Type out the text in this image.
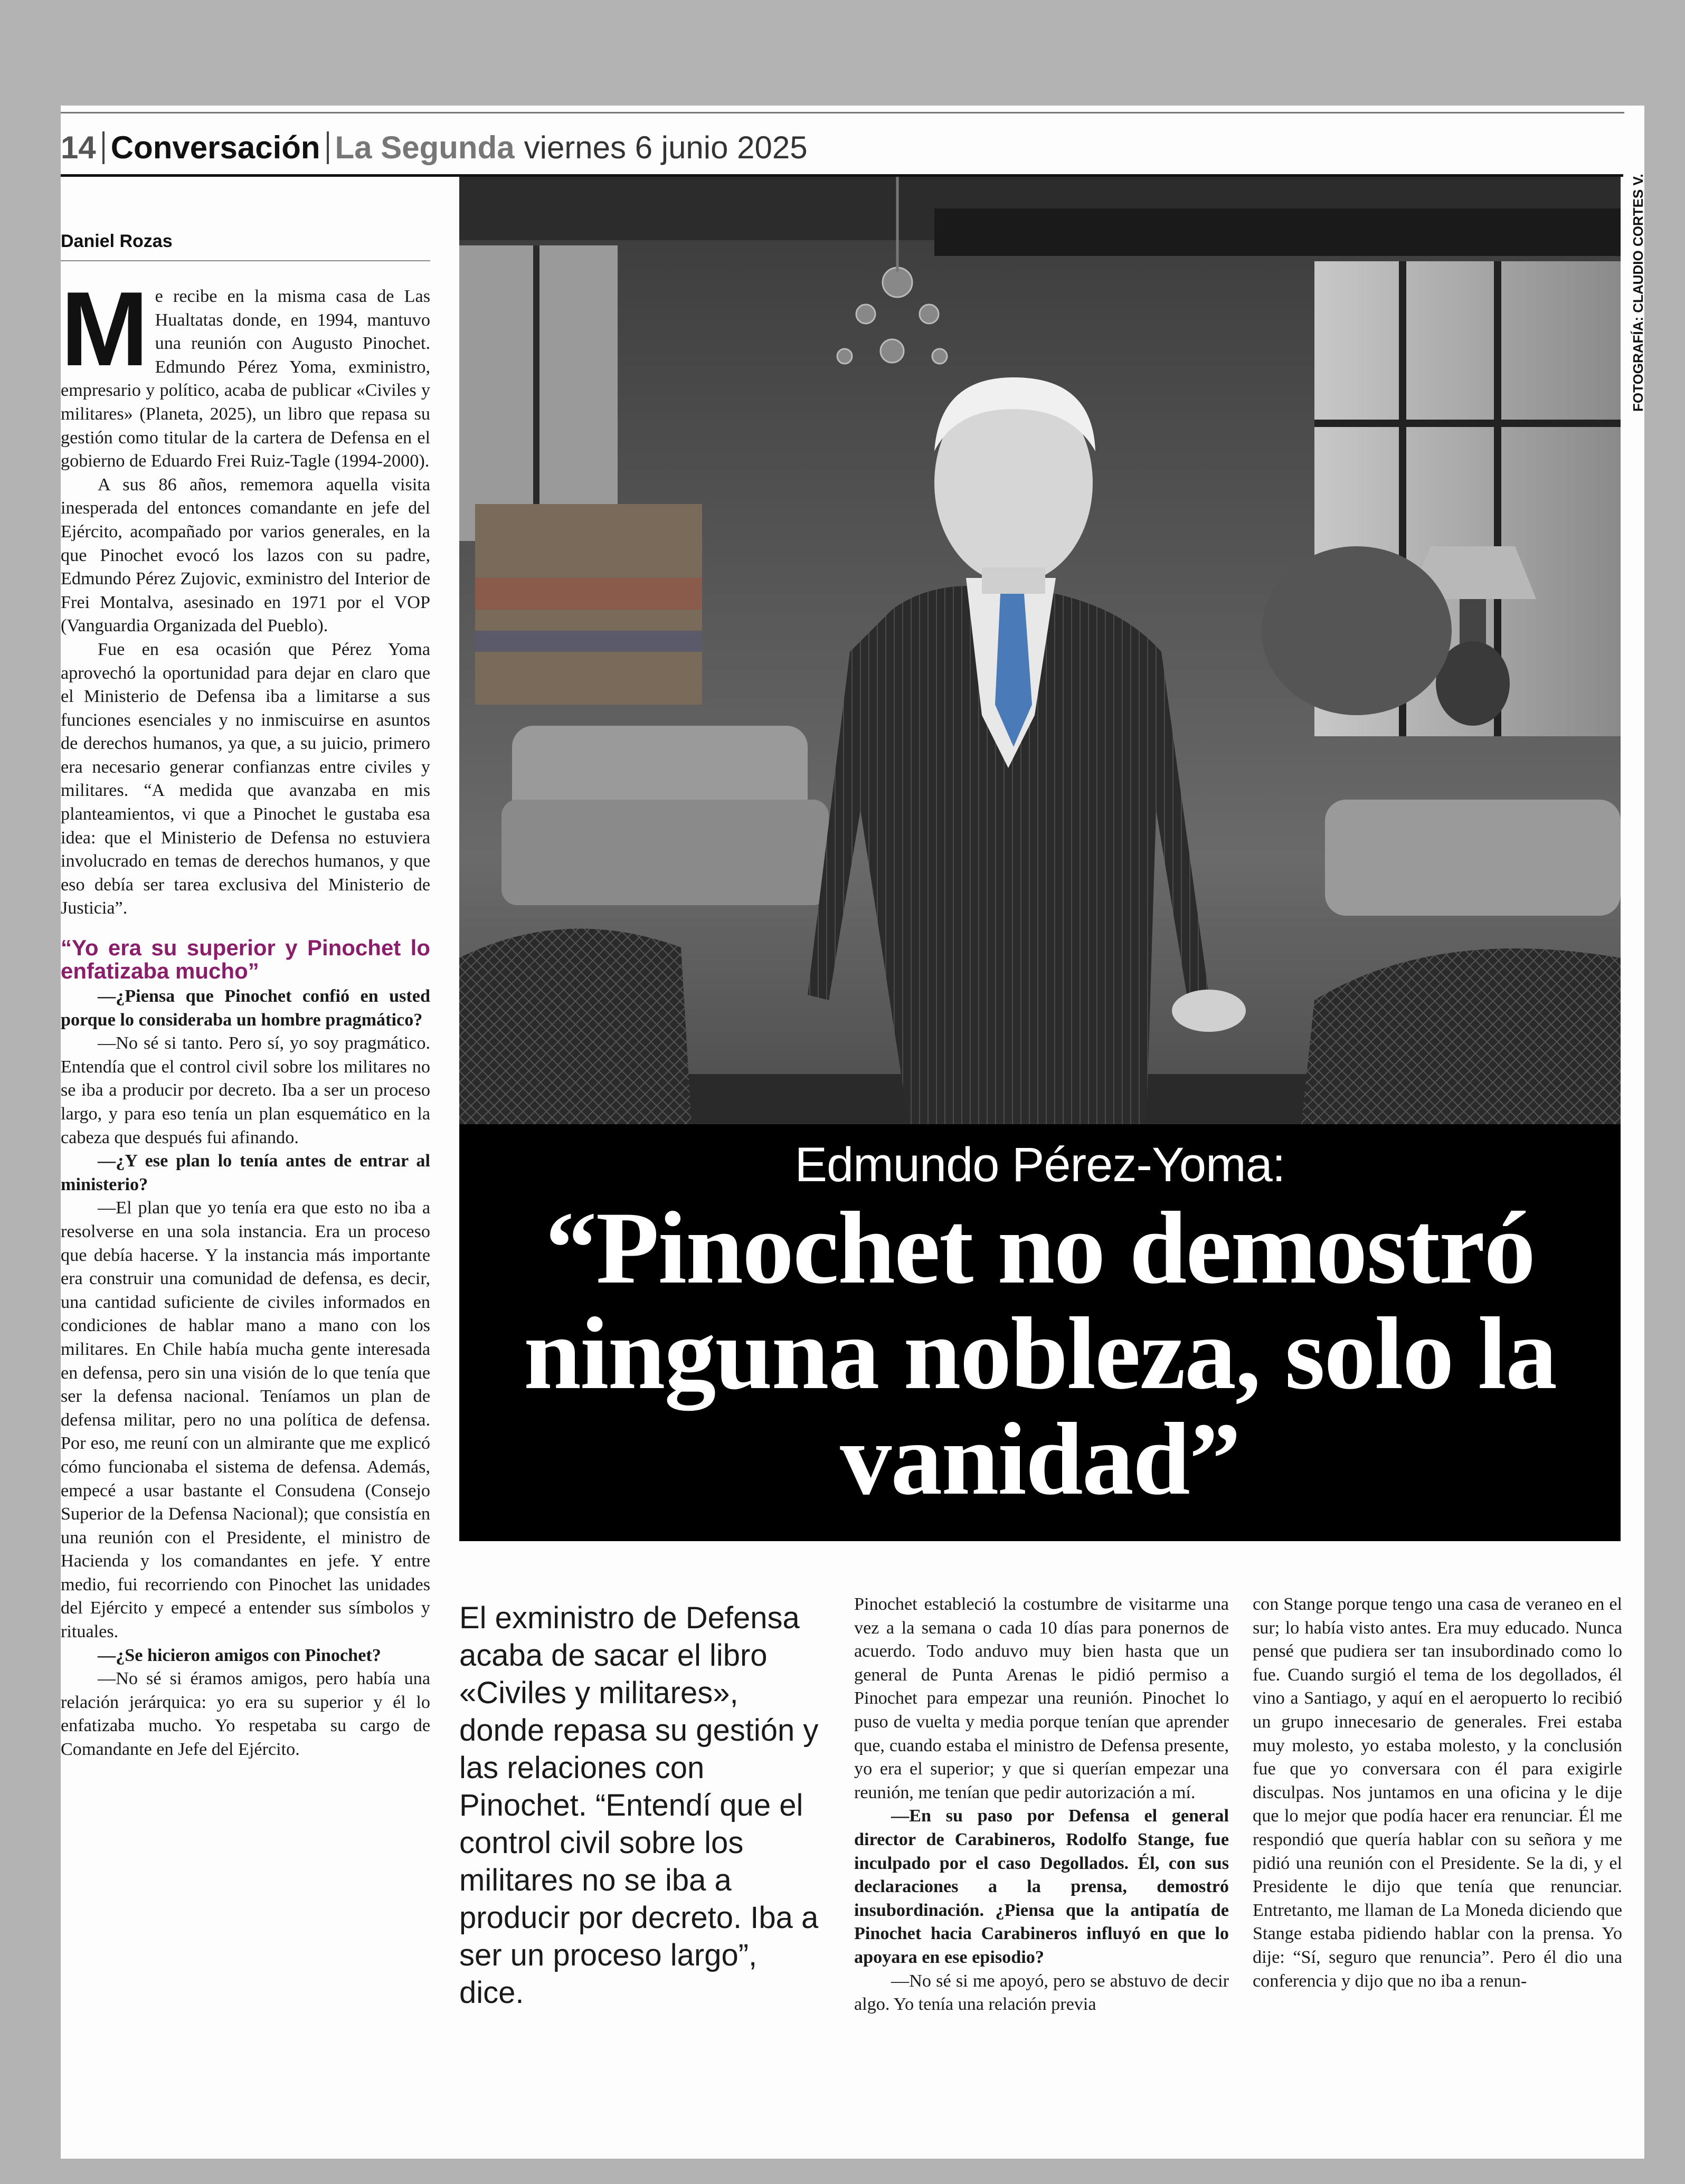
14 Conversación La Segunda viernes 6 junio 2025
Daniel Rozas

Me recibe en la misma casa de Las Hualtatas donde, en 1994, mantuvo una reunión con Augusto Pinochet. Edmundo Pérez Yoma, exministro, empresario y político, acaba de publicar «Civiles y militares» (Planeta, 2025), un libro que repasa su gestión como titular de la cartera de Defensa en el gobierno de Eduardo Frei Ruiz-Tagle (1994-2000).

A sus 86 años, rememora aquella visita inesperada del entonces comandante en jefe del Ejército, acompañado por varios generales, en la que Pinochet evocó los lazos con su padre, Edmundo Pérez Zujovic, exministro del Interior de Frei Montalva, asesinado en 1971 por el VOP (Vanguardia Organizada del Pueblo).

Fue en esa ocasión que Pérez Yoma aprovechó la oportunidad para dejar en claro que el Ministerio de Defensa iba a limitarse a sus funciones esenciales y no inmiscuirse en asuntos de derechos humanos, ya que, a su juicio, primero era necesario generar confianzas entre civiles y militares. “A medida que avanzaba en mis planteamientos, vi que a Pinochet le gustaba esa idea: que el Ministerio de Defensa no estuviera involucrado en temas de derechos humanos, y que eso debía ser tarea exclusiva del Ministerio de Justicia”.

“Yo era su superior y Pinochet lo enfatizaba mucho”

—¿Piensa que Pinochet confió en usted porque lo consideraba un hombre pragmático?

—No sé si tanto. Pero sí, yo soy pragmático. Entendía que el control civil sobre los militares no se iba a producir por decreto. Iba a ser un proceso largo, y para eso tenía un plan esquemático en la cabeza que después fui afinando.

—¿Y ese plan lo tenía antes de entrar al ministerio?

—El plan que yo tenía era que esto no iba a resolverse en una sola instancia. Era un proceso que debía hacerse. Y la instancia más importante era construir una comunidad de defensa, es decir, una cantidad suficiente de civiles informados en condiciones de hablar mano a mano con los militares. En Chile había mucha gente interesada en defensa, pero sin una visión de lo que tenía que ser la defensa nacional. Teníamos un plan de defensa militar, pero no una política de defensa. Por eso, me reuní con un almirante que me explicó cómo funcionaba el sistema de defensa. Además, empecé a usar bastante el Consudena (Consejo Superior de la Defensa Nacional); que consistía en una reunión con el Presidente, el ministro de Hacienda y los comandantes en jefe. Y entre medio, fui recorriendo con Pinochet las unidades del Ejército y empecé a entender sus símbolos y rituales.

—¿Se hicieron amigos con Pinochet?

—No sé si éramos amigos, pero había una relación jerárquica: yo era su superior y él lo enfatizaba mucho. Yo respetaba su cargo de Comandante en Jefe del Ejército.

FOTOGRAFÍA: CLAUDIO CORTES V.
Edmundo Pérez-Yoma:
“Pinochet no demostró ninguna nobleza, solo la vanidad”
El exministro de Defensa acaba de sacar el libro «Civiles y militares», donde repasa su gestión y las relaciones con Pinochet. “Entendí que el control civil sobre los militares no se iba a producir por decreto. Iba a ser un proceso largo”, dice.

Pinochet estableció la costumbre de visitarme una vez a la semana o cada 10 días para ponernos de acuerdo. Todo anduvo muy bien hasta que un general de Punta Arenas le pidió permiso a Pinochet para empezar una reunión. Pinochet lo puso de vuelta y media porque tenían que aprender que, cuando estaba el ministro de Defensa presente, yo era el superior; y que si querían empezar una reunión, me tenían que pedir autorización a mí.

—En su paso por Defensa el general director de Carabineros, Rodolfo Stange, fue inculpado por el caso Degollados. Él, con sus declaraciones a la prensa, demostró insubordinación. ¿Piensa que la antipatía de Pinochet hacia Carabineros influyó en que lo apoyara en ese episodio?

—No sé si me apoyó, pero se abstuvo de decir algo. Yo tenía una relación previa

con Stange porque tengo una casa de veraneo en el sur; lo había visto antes. Era muy educado. Nunca pensé que pudiera ser tan insubordinado como lo fue. Cuando surgió el tema de los degollados, él vino a Santiago, y aquí en el aeropuerto lo recibió un grupo innecesario de generales. Frei estaba muy molesto, yo estaba molesto, y la conclusión fue que yo conversara con él para exigirle disculpas. Nos juntamos en una oficina y le dije que lo mejor que podía hacer era renunciar. Él me respondió que quería hablar con su señora y me pidió una reunión con el Presidente. Se la di, y el Presidente le dijo que tenía que renunciar. Entretanto, me llaman de La Moneda diciendo que Stange estaba pidiendo hablar con la prensa. Yo dije: “Sí, seguro que renuncia”. Pero él dio una conferencia y dijo que no iba a renun-
